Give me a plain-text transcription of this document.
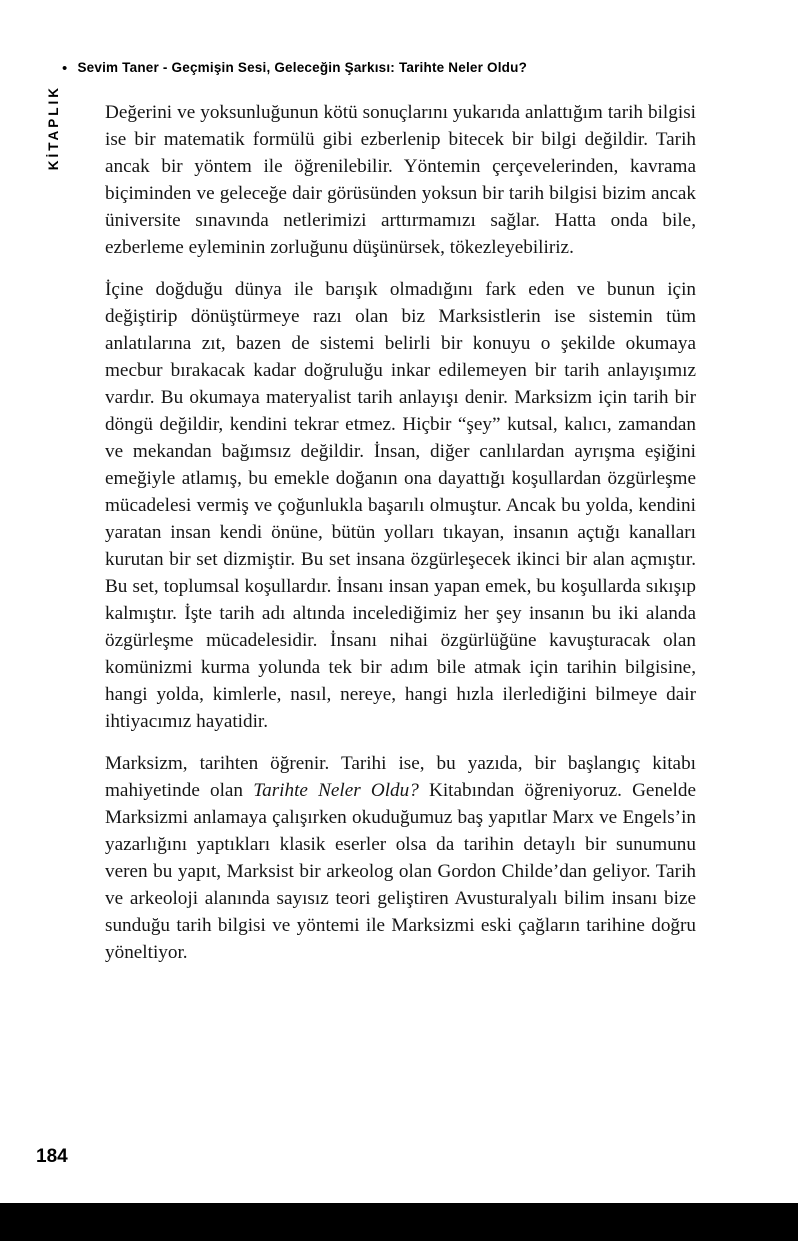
• Sevim Taner - Geçmişin Sesi, Geleceğin Şarkısı: Tarihte Neler Oldu?
KİTAPLIK Değerini ve yoksunluğunun kötü sonuçlarını yukarıda anlattığım tarih bilgisi ise bir matematik formülü gibi ezberlenip bitecek bir bilgi değildir. Tarih ancak bir yöntem ile öğrenilebilir. Yöntemin çerçevelerinden, kavrama biçiminden ve geleceğe dair görüsünden yoksun bir tarih bilgisi bizim ancak üniversite sınavında netlerimizi arttırmamızı sağlar. Hatta onda bile, ezberleme eyleminin zorluğunu düşünürsek, tökezleyebiliriz.

İçine doğduğu dünya ile barışık olmadığını fark eden ve bunun için değiştirip dönüştürmeye razı olan biz Marksistlerin ise sistemin tüm anlatılarına zıt, bazen de sistemi belirli bir konuyu o şekilde okumaya mecbur bırakacak kadar doğruluğu inkar edilemeyen bir tarih anlayışımız vardır. Bu okumaya materyalist tarih anlayışı denir. Marksizm için tarih bir döngü değildir, kendini tekrar etmez. Hiçbir “şey” kutsal, kalıcı, zamandan ve mekandan bağımsız değildir. İnsan, diğer canlılardan ayrışma eşiğini emeğiyle atlamış, bu emekle doğanın ona dayattığı koşullardan özgürleşme mücadelesi vermiş ve çoğunlukla başarılı olmuştur. Ancak bu yolda, kendini yaratan insan kendi önüne, bütün yolları tıkayan, insanın açtığı kanalları kurutan bir set dizmiştir. Bu set insana özgürleşecek ikinci bir alan açmıştır. Bu set, toplumsal koşullardır. İnsanı insan yapan emek, bu koşullarda sıkışıp kalmıştır. İşte tarih adı altında incelediğimiz her şey insanın bu iki alanda özgürleşme mücadelesidir. İnsanı nihai özgürlüğüne kavuşturacak olan komünizmi kurma yolunda tek bir adım bile atmak için tarihin bilgisine, hangi yolda, kimlerle, nasıl, nereye, hangi hızla ilerlediğini bilmeye dair ihtiyacımız hayatidir.

Marksizm, tarihten öğrenir. Tarihi ise, bu yazıda, bir başlangıç kitabı mahiyetinde olan Tarihte Neler Oldu? Kitabından öğreniyoruz. Genelde Marksizmi anlamaya çalışırken okuduğumuz baş yapıtlar Marx ve Engels’in yazarlığını yaptıkları klasik eserler olsa da tarihin detaylı bir sunumunu veren bu yapıt, Marksist bir arkeolog olan Gordon Childe’dan geliyor. Tarih ve arkeoloji alanında sayısız teori geliştiren Avusturalyalı bilim insanı bize sunduğu tarih bilgisi ve yöntemi ile Marksizmi eski çağların tarihine doğru yöneltiyor.

184
